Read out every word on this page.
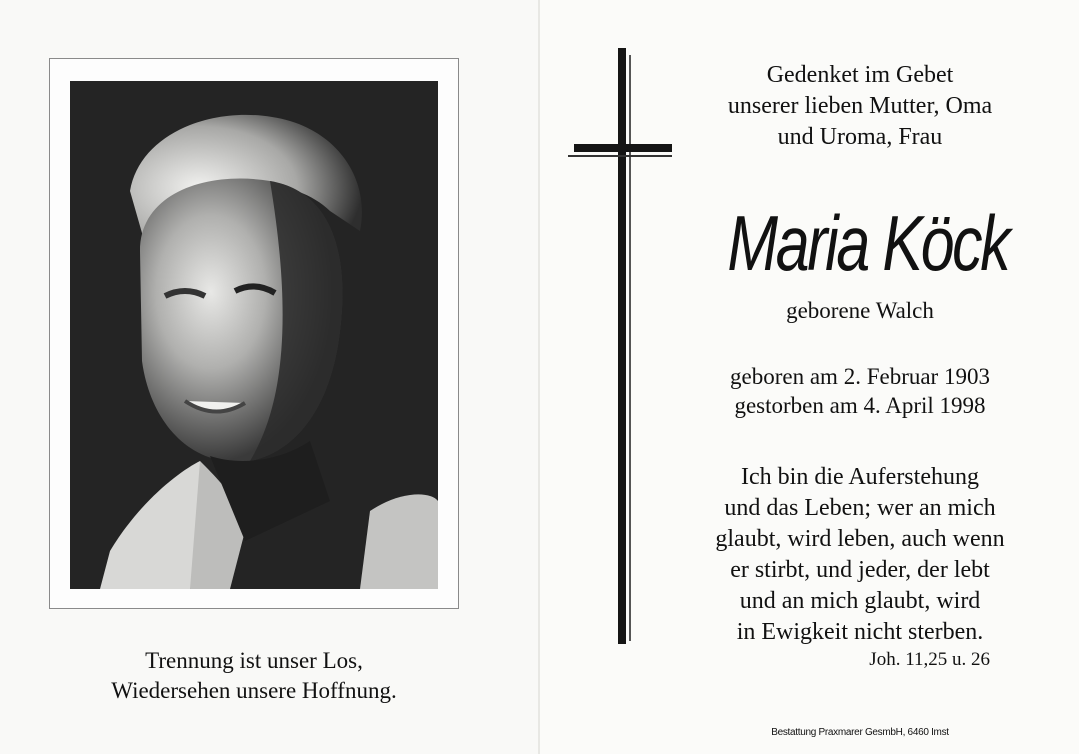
Trennung ist unser Los,
Wiedersehen unsere Hoffnung.
Gedenket im Gebet
unserer lieben Mutter, Oma
und Uroma, Frau
Maria Köck
geborene Walch
geboren am 2. Februar 1903
gestorben am 4. April 1998
Ich bin die Auferstehung
und das Leben; wer an mich
glaubt, wird leben, auch wenn
er stirbt, und jeder, der lebt
und an mich glaubt, wird
in Ewigkeit nicht sterben.
Joh. 11,25 u. 26
Bestattung Praxmarer GesmbH, 6460 Imst
